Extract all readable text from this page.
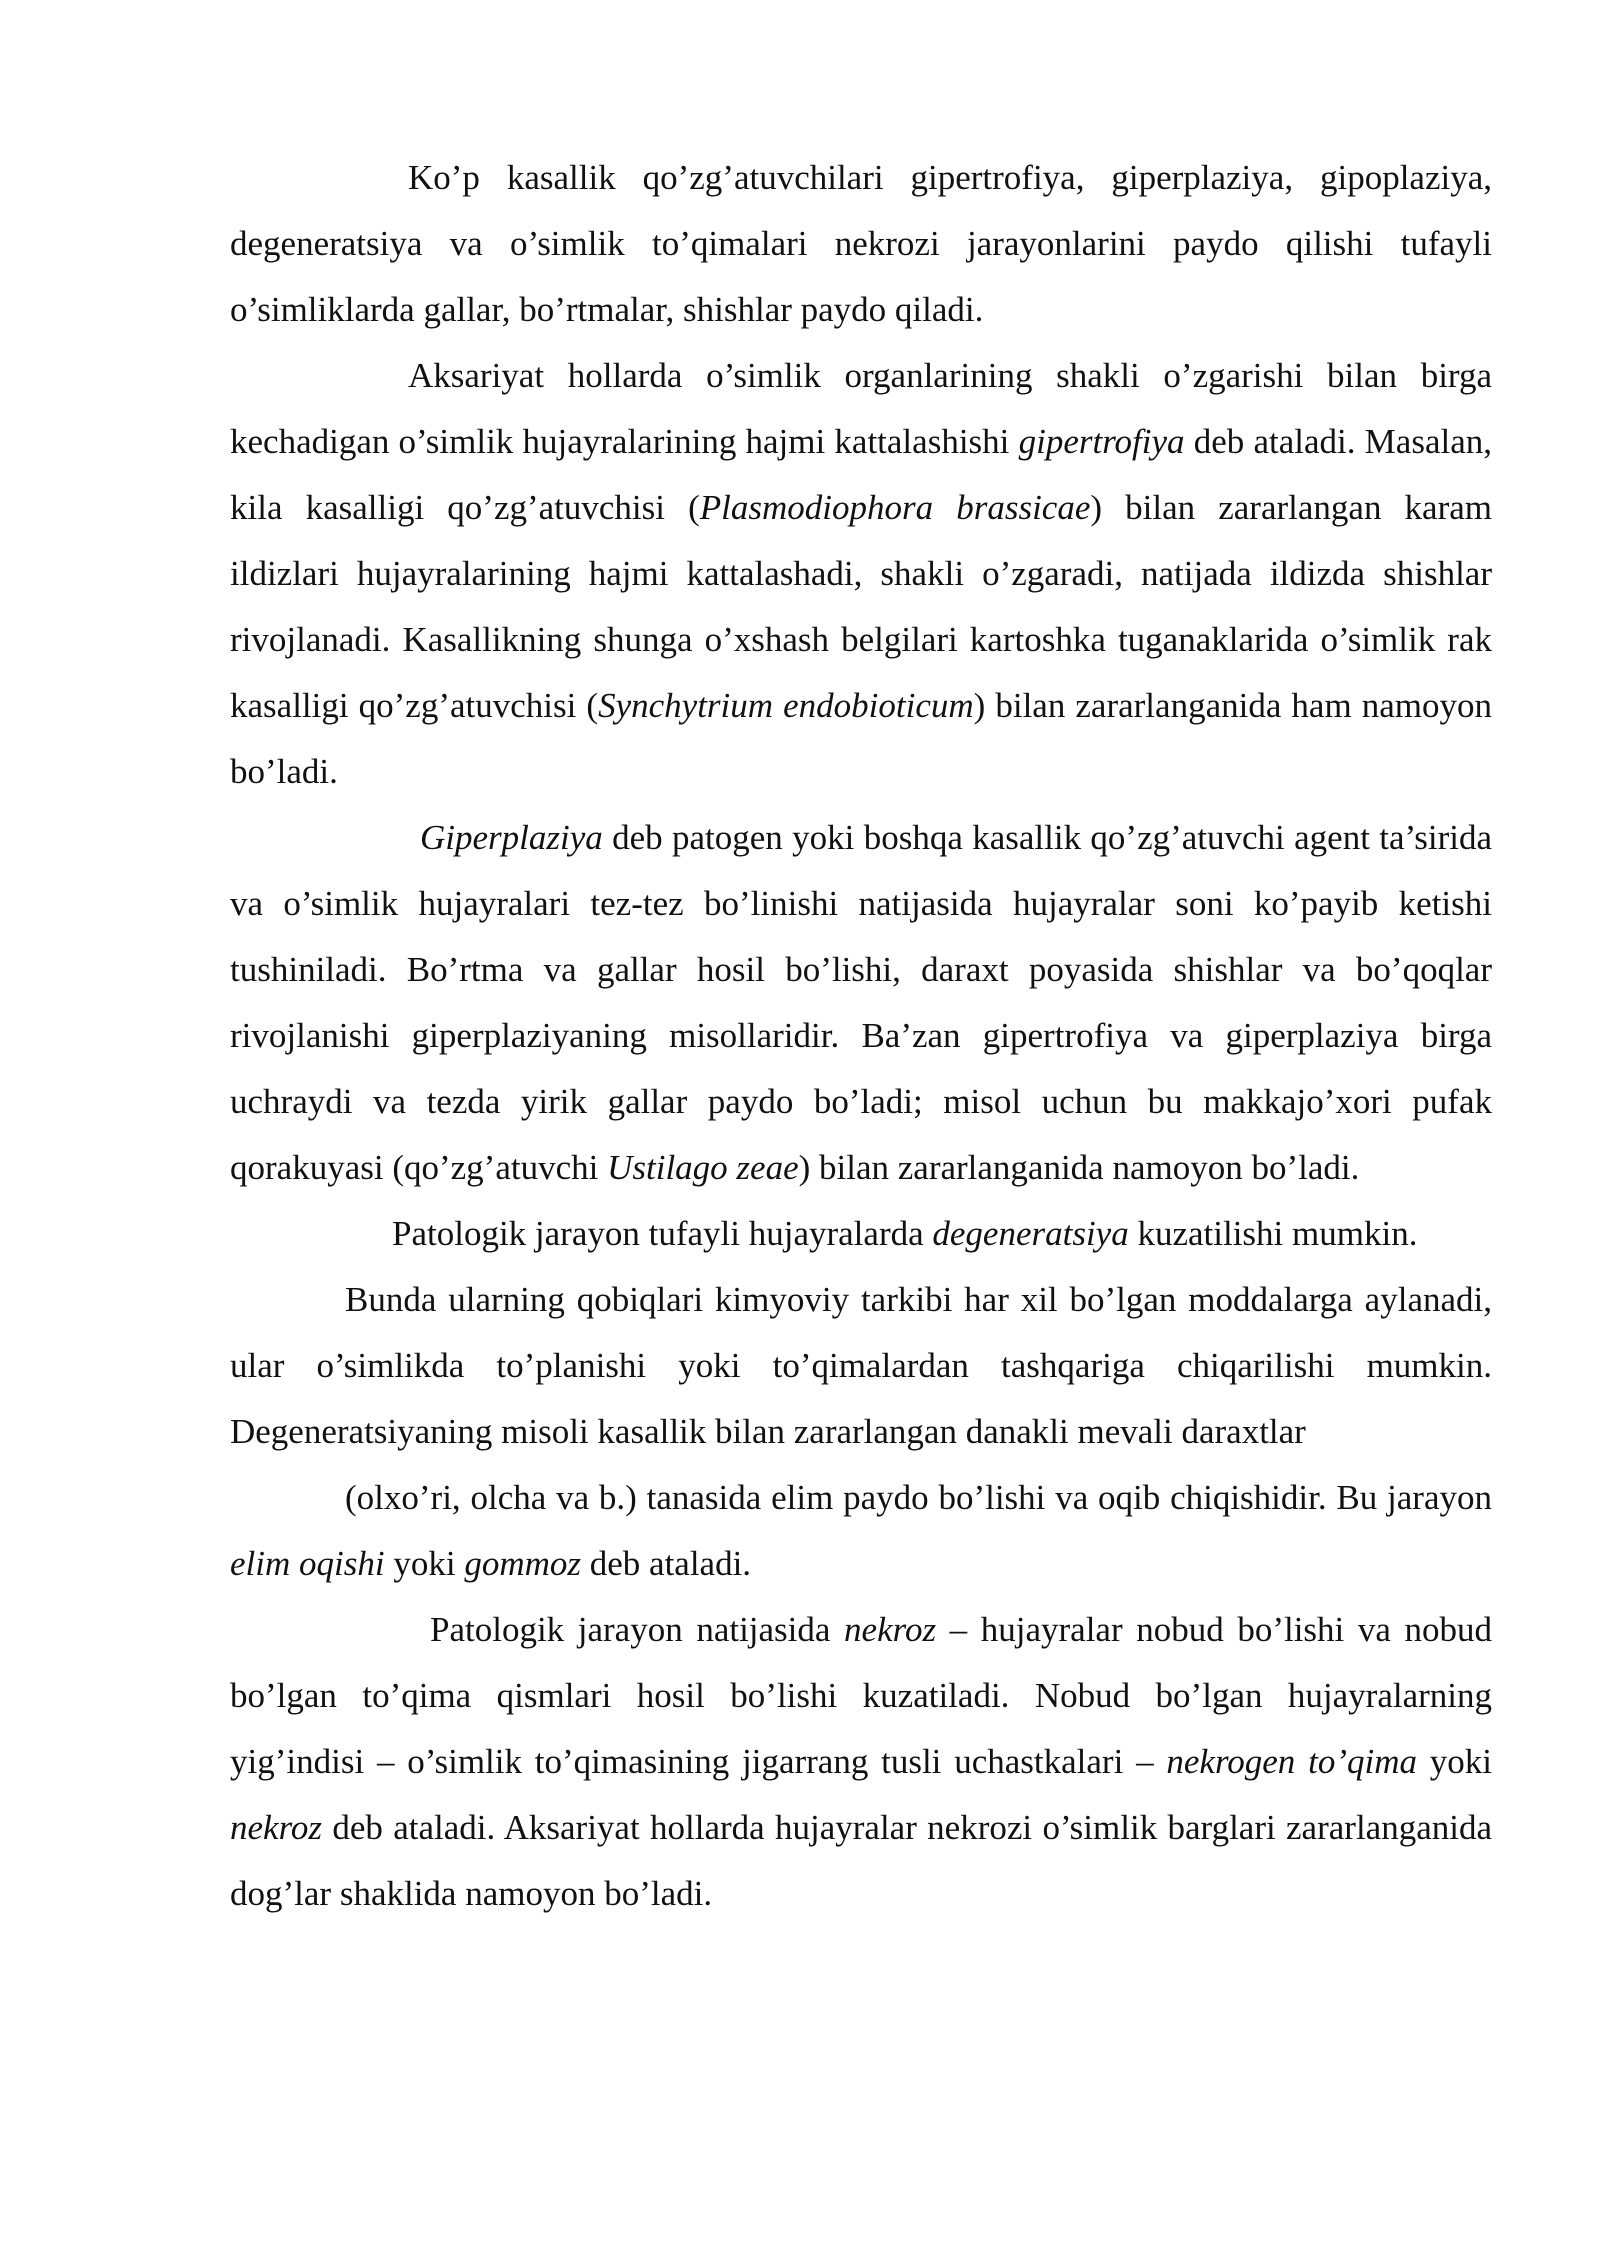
Ko’p kasallik qo’zg’atuvchilari gipertrofiya, giperplaziya, gipoplaziya, degeneratsiya va o’simlik to’qimalari nekrozi jarayonlarini paydo qilishi tufayli o’simliklarda gallar, bo’rtmalar, shishlar paydo qiladi.

Aksariyat hollarda o’simlik organlarining shakli o’zgarishi bilan birga kechadigan o’simlik hujayralarining hajmi kattalashishi gipertrofiya deb ataladi. Masalan, kila kasalligi qo’zg’atuvchisi (Plasmodiophora brassicae) bilan zararlangan karam ildizlari hujayralarining hajmi kattalashadi, shakli o’zgaradi, natijada ildizda shishlar rivojlanadi. Kasallikning shunga o’xshash belgilari kartoshka tuganaklarida o’simlik rak kasalligi qo’zg’atuvchisi (Synchytrium endobioticum) bilan zararlanganida ham namoyon bo’ladi.

Giperplaziya deb patogen yoki boshqa kasallik qo’zg’atuvchi agent ta’sirida va o’simlik hujayralari tez-tez bo’linishi natijasida hujayralar soni ko’payib ketishi tushiniladi. Bo’rtma va gallar hosil bo’lishi, daraxt poyasida shishlar va bo’qoqlar rivojlanishi giperplaziyaning misollaridir. Ba’zan gipertrofiya va giperplaziya birga uchraydi va tezda yirik gallar paydo bo’ladi; misol uchun bu makkajo’xori pufak qorakuyasi (qo’zg’atuvchi Ustilago zeae) bilan zararlanganida namoyon bo’ladi.

Patologik jarayon tufayli hujayralarda degeneratsiya kuzatilishi mumkin.

Bunda ularning qobiqlari kimyoviy tarkibi har xil bo’lgan moddalarga aylanadi, ular o’simlikda to’planishi yoki to’qimalardan tashqariga chiqarilishi mumkin. Degeneratsiyaning misoli kasallik bilan zararlangan danakli mevali daraxtlar

(olxo’ri, olcha va b.) tanasida elim paydo bo’lishi va oqib chiqishidir. Bu jarayon elim oqishi yoki gommoz deb ataladi.

Patologik jarayon natijasida nekroz – hujayralar nobud bo’lishi va nobud bo’lgan to’qima qismlari hosil bo’lishi kuzatiladi. Nobud bo’lgan hujayralarning yig’indisi – o’simlik to’qimasining jigarrang tusli uchastkalari – nekrogen to’qima yoki nekroz deb ataladi. Aksariyat hollarda hujayralar nekrozi o’simlik barglari zararlanganida dog’lar shaklida namoyon bo’ladi.
